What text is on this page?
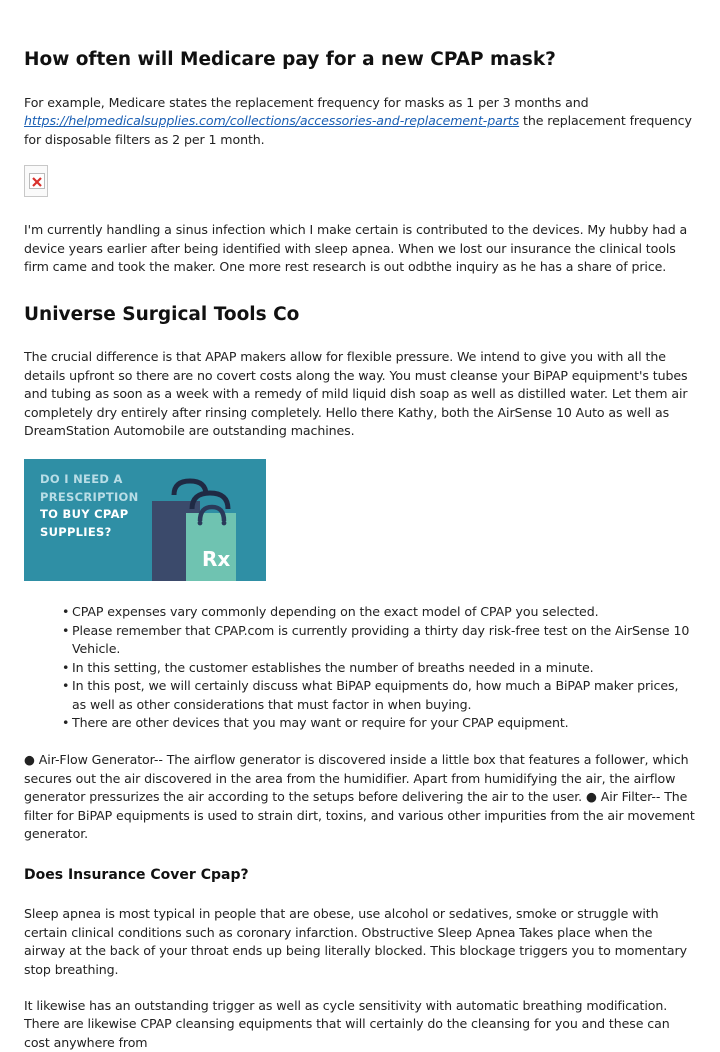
How often will Medicare pay for a new CPAP mask?

For example, Medicare states the replacement frequency for masks as 1 per 3 months and https://helpmedicalsupplies.com/collections/accessories-and-replacement-parts the replacement frequency for disposable filters as 2 per 1 month.

I'm currently handling a sinus infection which I make certain is contributed to the devices. My hubby had a device years earlier after being identified with sleep apnea. When we lost our insurance the clinical tools firm came and took the maker. One more rest research is out odbthe inquiry as he has a share of price.

Universe Surgical Tools Co

The crucial difference is that APAP makers allow for flexible pressure. We intend to give you with all the details upfront so there are no covert costs along the way. You must cleanse your BiPAP equipment's tubes and tubing as soon as a week with a remedy of mild liquid dish soap as well as distilled water. Let them air completely dry entirely after rinsing completely. Hello there Kathy, both the AirSense 10 Auto as well as DreamStation Automobile are outstanding machines.

DO I NEED A
PRESCRIPTION
TO BUY CPAP
SUPPLIES?
Rx
• CPAP expenses vary commonly depending on the exact model of CPAP you selected.
• Please remember that CPAP.com is currently providing a thirty day risk-free test on the AirSense 10 Vehicle.
• In this setting, the customer establishes the number of breaths needed in a minute.
• In this post, we will certainly discuss what BiPAP equipments do, how much a BiPAP maker prices, as well as other considerations that must factor in when buying.
• There are other devices that you may want or require for your CPAP equipment.

● Air-Flow Generator-- The airflow generator is discovered inside a little box that features a follower, which secures out the air discovered in the area from the humidifier. Apart from humidifying the air, the airflow generator pressurizes the air according to the setups before delivering the air to the user. ● Air Filter-- The filter for BiPAP equipments is used to strain dirt, toxins, and various other impurities from the air movement generator.

Does Insurance Cover Cpap?

Sleep apnea is most typical in people that are obese, use alcohol or sedatives, smoke or struggle with certain clinical conditions such as coronary infarction. Obstructive Sleep Apnea Takes place when the airway at the back of your throat ends up being literally blocked. This blockage triggers you to momentary stop breathing.

It likewise has an outstanding trigger as well as cycle sensitivity with automatic breathing modification. There are likewise CPAP cleansing equipments that will certainly do the cleansing for you and these can cost anywhere from
